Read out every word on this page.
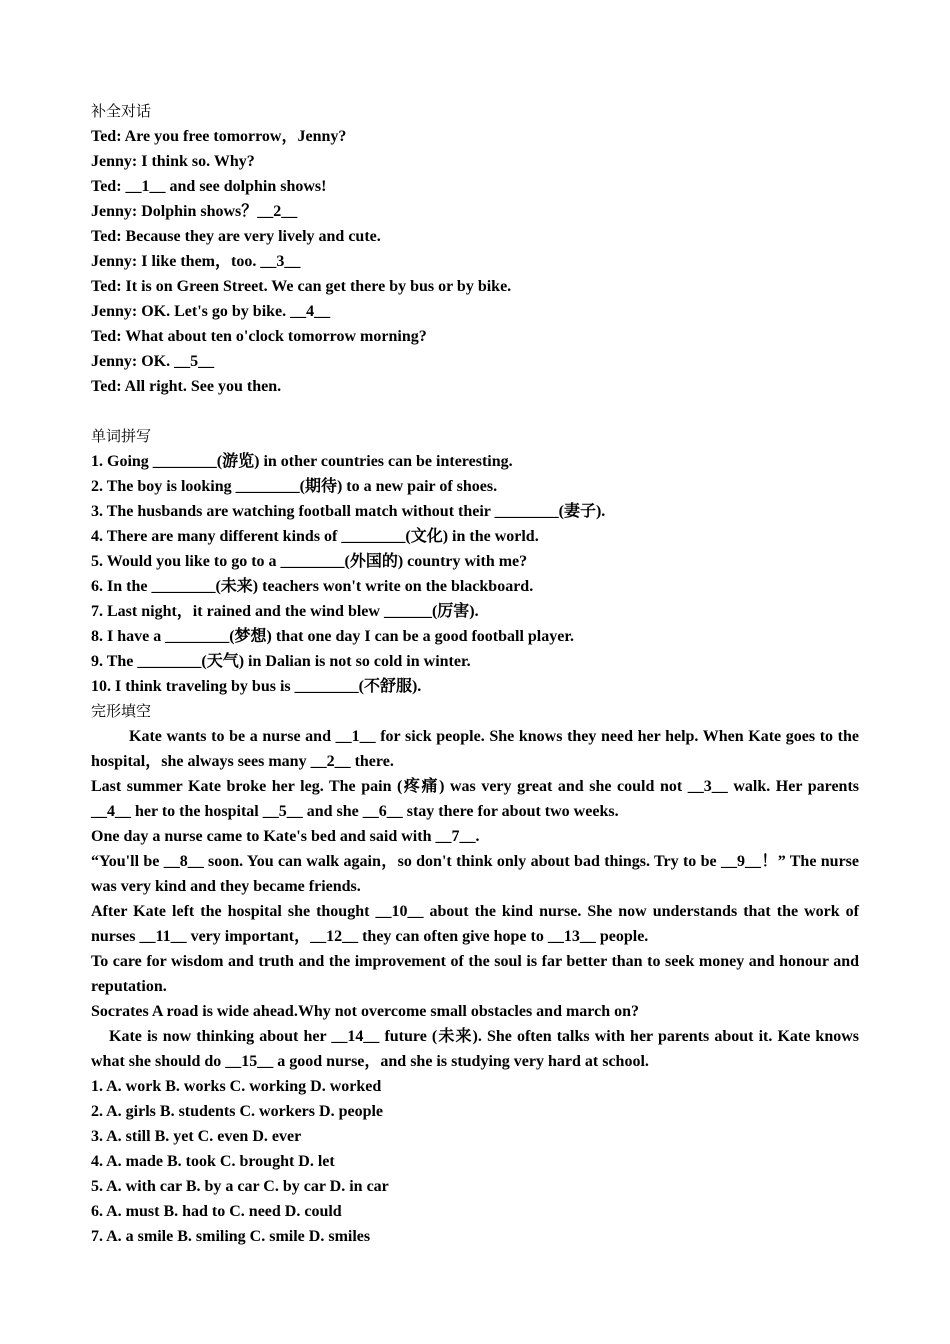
补全对话
Ted: Are you free tomorrow，Jenny?
Jenny: I think so. Why?
Ted: __1__ and see dolphin shows!
Jenny: Dolphin shows？__2__
Ted: Because they are very lively and cute.
Jenny: I like them，too. __3__
Ted: It is on Green Street. We can get there by bus or by bike.
Jenny: OK. Let's go by bike. __4__
Ted: What about ten o'clock tomorrow morning?
Jenny: OK. __5__
Ted: All right. See you then.
单词拼写
1. Going ________(游览) in other countries can be interesting.
2. The boy is looking ________(期待) to a new pair of shoes.
3. The husbands are watching football match without their ________(妻子).
4. There are many different kinds of ________(文化) in the world.
5. Would you like to go to a ________(外国的) country with me?
6. In the ________(未来) teachers won't write on the blackboard.
7. Last night，it rained and the wind blew ______(厉害).
8. I have a ________(梦想) that one day I can be a good football player.
9. The ________(天气) in Dalian is not so cold in winter.
10. I think traveling by bus is ________(不舒服).
完形填空
Kate wants to be a nurse and __1__ for sick people. She knows they need her help. When Kate goes to the hospital，she always sees many __2__ there.
Last summer Kate broke her leg. The pain (疼痛) was very great and she could not __3__ walk. Her parents __4__ her to the hospital __5__ and she __6__ stay there for about two weeks.
One day a nurse came to Kate's bed and said with __7__.
“You'll be __8__ soon. You can walk again，so don't think only about bad things. Try to be __9__！” The nurse was very kind and they became friends.
After Kate left the hospital she thought __10__ about the kind nurse. She now understands that the work of nurses __11__ very important，__12__ they can often give hope to __13__ people.
To care for wisdom and truth and the improvement of the soul is far better than to seek money and honour and reputation.
Socrates A road is wide ahead.Why not overcome small obstacles and march on?
Kate is now thinking about her __14__ future (未来). She often talks with her parents about it. Kate knows what she should do __15__ a good nurse，and she is studying very hard at school.
1. A. work B. works C. working D. worked
2. A. girls B. students C. workers D. people
3. A. still B. yet C. even D. ever
4. A. made B. took C. brought D. let
5. A. with car B. by a car C. by car D. in car
6. A. must B. had to C. need D. could
7. A. a smile B. smiling C. smile D. smiles
